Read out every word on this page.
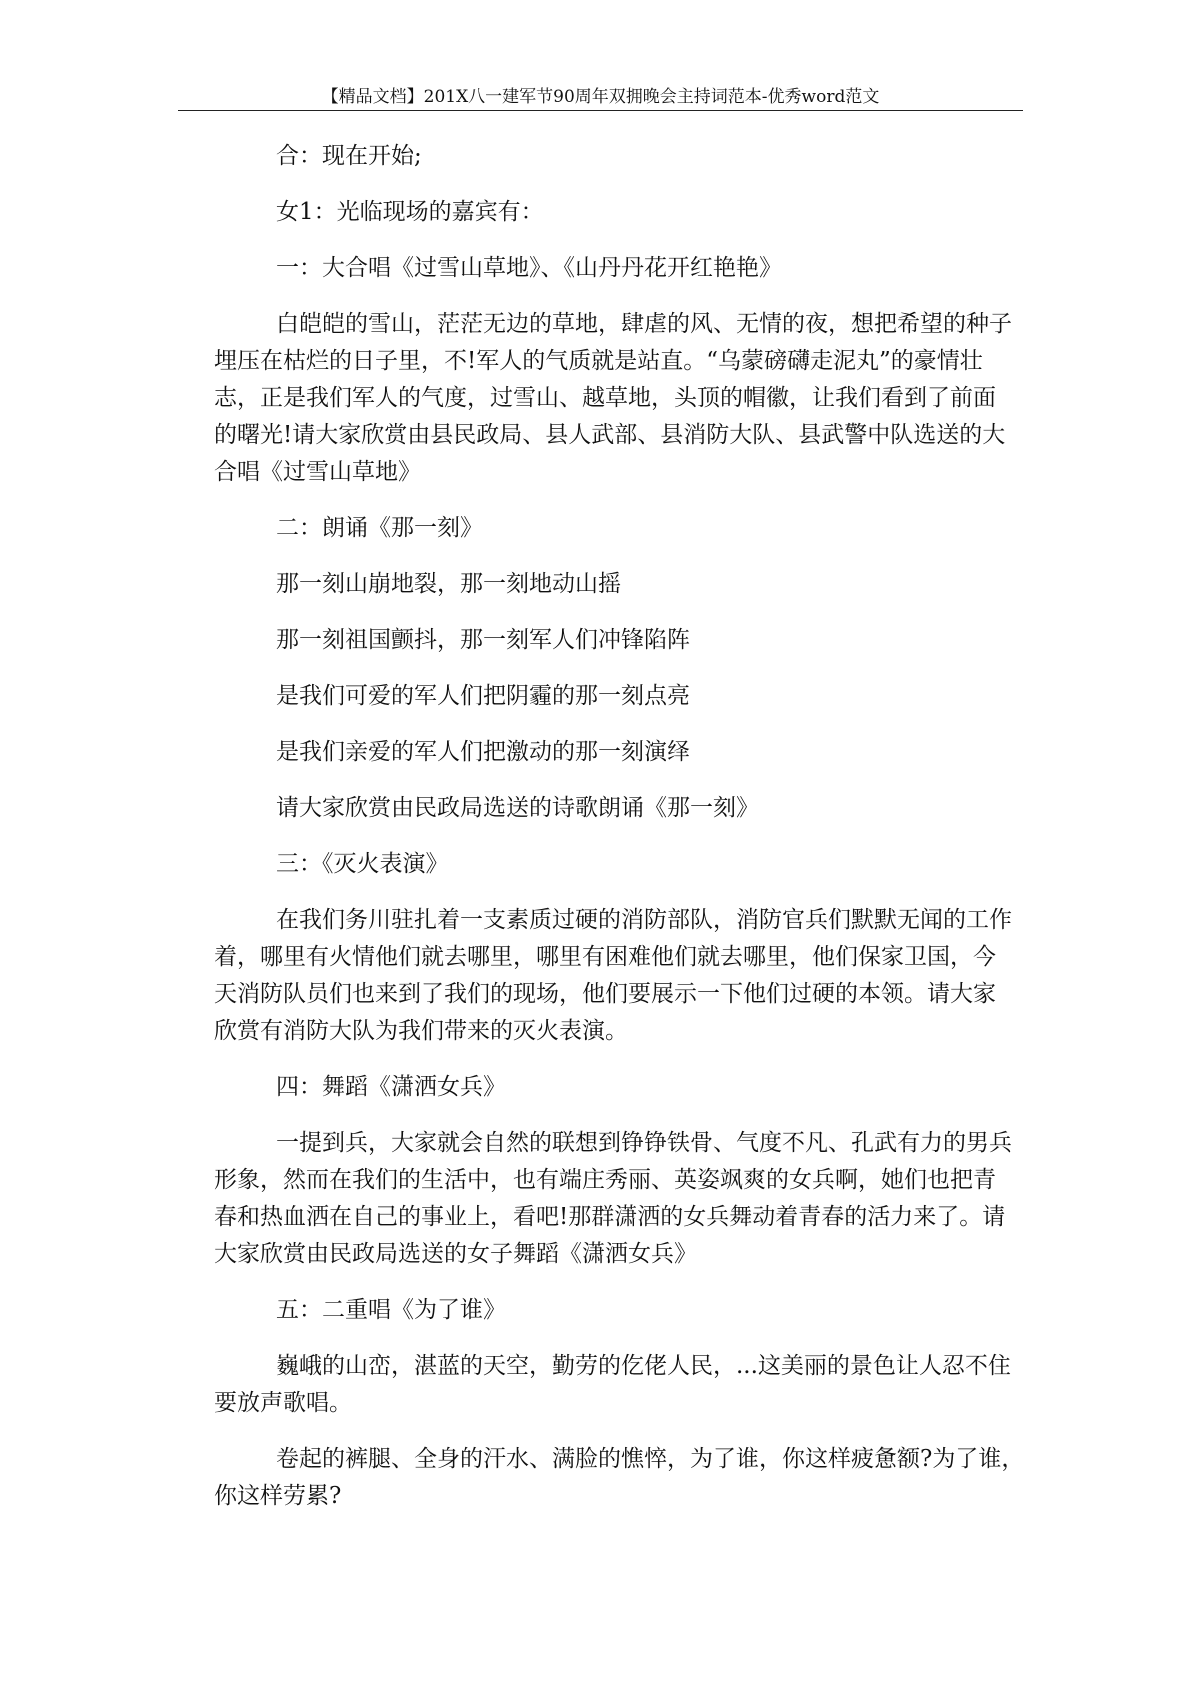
【精品文档】201X八一建军节90周年双拥晚会主持词范本-优秀word范文
合：现在开始;
女1：光临现场的嘉宾有：
一：大合唱《过雪山草地》、《山丹丹花开红艳艳》
白皑皑的雪山，茫茫无边的草地，肆虐的风、无情的夜，想把希望的种子
埋压在枯烂的日子里，不!军人的气质就是站直。“乌蒙磅礴走泥丸”的豪情壮
志，正是我们军人的气度，过雪山、越草地，头顶的帽徽，让我们看到了前面
的曙光!请大家欣赏由县民政局、县人武部、县消防大队、县武警中队选送的大
合唱《过雪山草地》
二：朗诵《那一刻》
那一刻山崩地裂，那一刻地动山摇
那一刻祖国颤抖，那一刻军人们冲锋陷阵
是我们可爱的军人们把阴霾的那一刻点亮
是我们亲爱的军人们把激动的那一刻演绎
请大家欣赏由民政局选送的诗歌朗诵《那一刻》
三：《灭火表演》
在我们务川驻扎着一支素质过硬的消防部队，消防官兵们默默无闻的工作
着，哪里有火情他们就去哪里，哪里有困难他们就去哪里，他们保家卫国，今
天消防队员们也来到了我们的现场，他们要展示一下他们过硬的本领。请大家
欣赏有消防大队为我们带来的灭火表演。
四：舞蹈《潇洒女兵》
一提到兵，大家就会自然的联想到铮铮铁骨、气度不凡、孔武有力的男兵
形象，然而在我们的生活中，也有端庄秀丽、英姿飒爽的女兵啊，她们也把青
春和热血洒在自己的事业上，看吧!那群潇洒的女兵舞动着青春的活力来了。请
大家欣赏由民政局选送的女子舞蹈《潇洒女兵》
五：二重唱《为了谁》
巍峨的山峦，湛蓝的天空，勤劳的仡佬人民，...这美丽的景色让人忍不住
要放声歌唱。
卷起的裤腿、全身的汗水、满脸的憔悴，为了谁，你这样疲惫额?为了谁，
你这样劳累?
